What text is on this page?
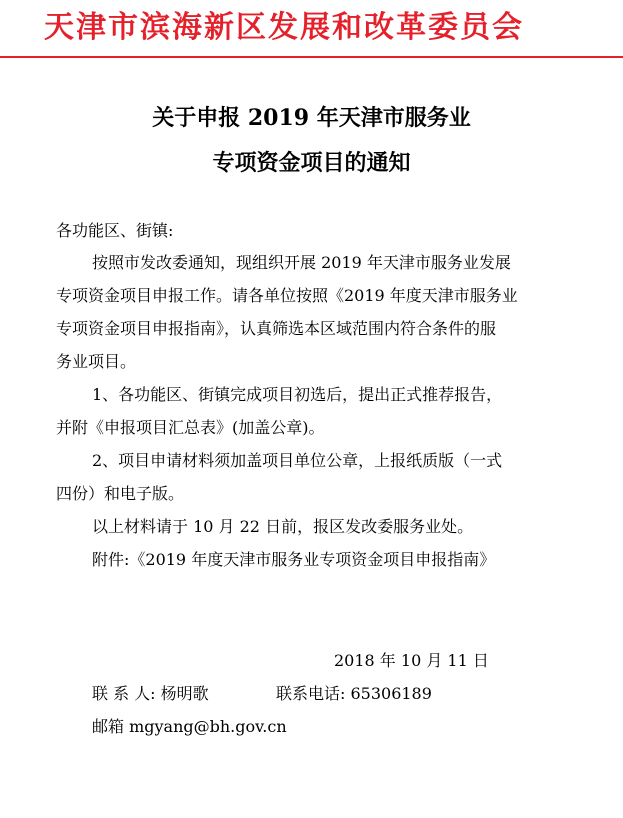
天津市滨海新区发展和改革委员会
关于申报 2019 年天津市服务业
专项资金项目的通知
各功能区、街镇:
按照市发改委通知，现组织开展 2019 年天津市服务业发展
专项资金项目申报工作。请各单位按照《2019 年度天津市服务业
专项资金项目申报指南》，认真筛选本区域范围内符合条件的服
务业项目。
1、各功能区、街镇完成项目初选后，提出正式推荐报告，
并附《申报项目汇总表》(加盖公章)。
2、项目申请材料须加盖项目单位公章，上报纸质版（一式
四份）和电子版。
以上材料请于 10 月 22 日前，报区发改委服务业处。
附件:《2019 年度天津市服务业专项资金项目申报指南》
2018 年 10 月 11 日
联 系 人: 杨明歌	联系电话: 65306189
邮箱 mgyang@bh.gov.cn
